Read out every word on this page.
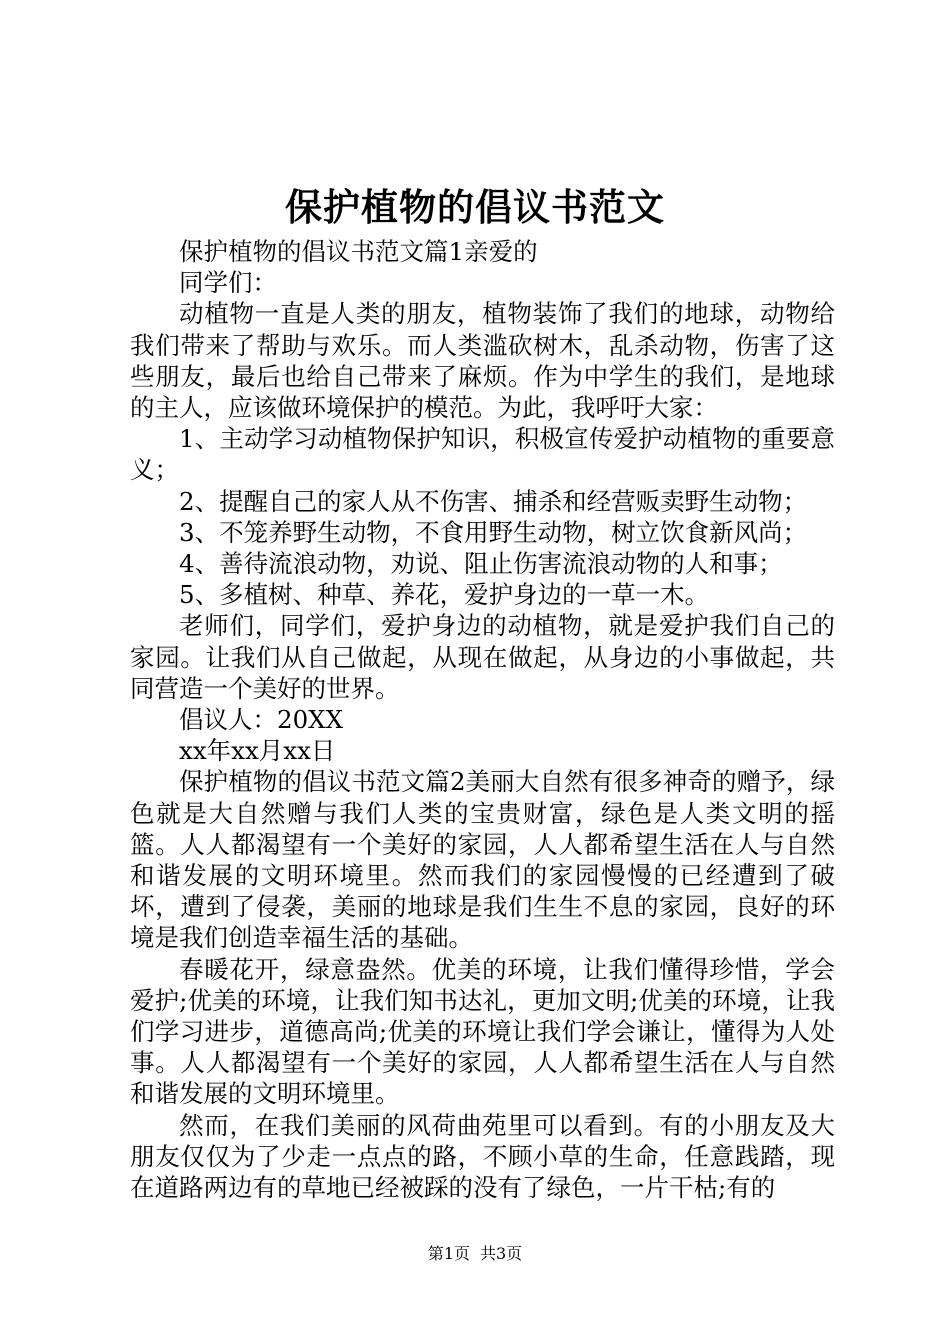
保护植物的倡议书范文

保护植物的倡议书范文篇1亲爱的

同学们：

动植物一直是人类的朋友，植物装饰了我们的地球，动物给我们带来了帮助与欢乐。而人类滥砍树木，乱杀动物，伤害了这些朋友，最后也给自己带来了麻烦。作为中学生的我们，是地球的主人，应该做环境保护的模范。为此，我呼吁大家：

1、主动学习动植物保护知识，积极宣传爱护动植物的重要意义；

2、提醒自己的家人从不伤害、捕杀和经营贩卖野生动物；

3、不笼养野生动物，不食用野生动物，树立饮食新风尚；

4、善待流浪动物，劝说、阻止伤害流浪动物的人和事；

5、多植树、种草、养花，爱护身边的一草一木。

老师们，同学们，爱护身边的动植物，就是爱护我们自己的家园。让我们从自己做起，从现在做起，从身边的小事做起，共同营造一个美好的世界。

倡议人：20XX

xx年xx月xx日

保护植物的倡议书范文篇2美丽大自然有很多神奇的赠予，绿色就是大自然赠与我们人类的宝贵财富，绿色是人类文明的摇篮。人人都渴望有一个美好的家园，人人都希望生活在人与自然和谐发展的文明环境里。然而我们的家园慢慢的已经遭到了破坏，遭到了侵袭，美丽的地球是我们生生不息的家园，良好的环境是我们创造幸福生活的基础。

春暖花开，绿意盎然。优美的环境，让我们懂得珍惜，学会爱护;优美的环境，让我们知书达礼，更加文明;优美的环境，让我们学习进步，道德高尚;优美的环境让我们学会谦让，懂得为人处事。人人都渴望有一个美好的家园，人人都希望生活在人与自然和谐发展的文明环境里。

然而，在我们美丽的风荷曲苑里可以看到。有的小朋友及大朋友仅仅为了少走一点点的路，不顾小草的生命，任意践踏，现在道路两边有的草地已经被踩的没有了绿色，一片干枯;有的

第1页 共3页
